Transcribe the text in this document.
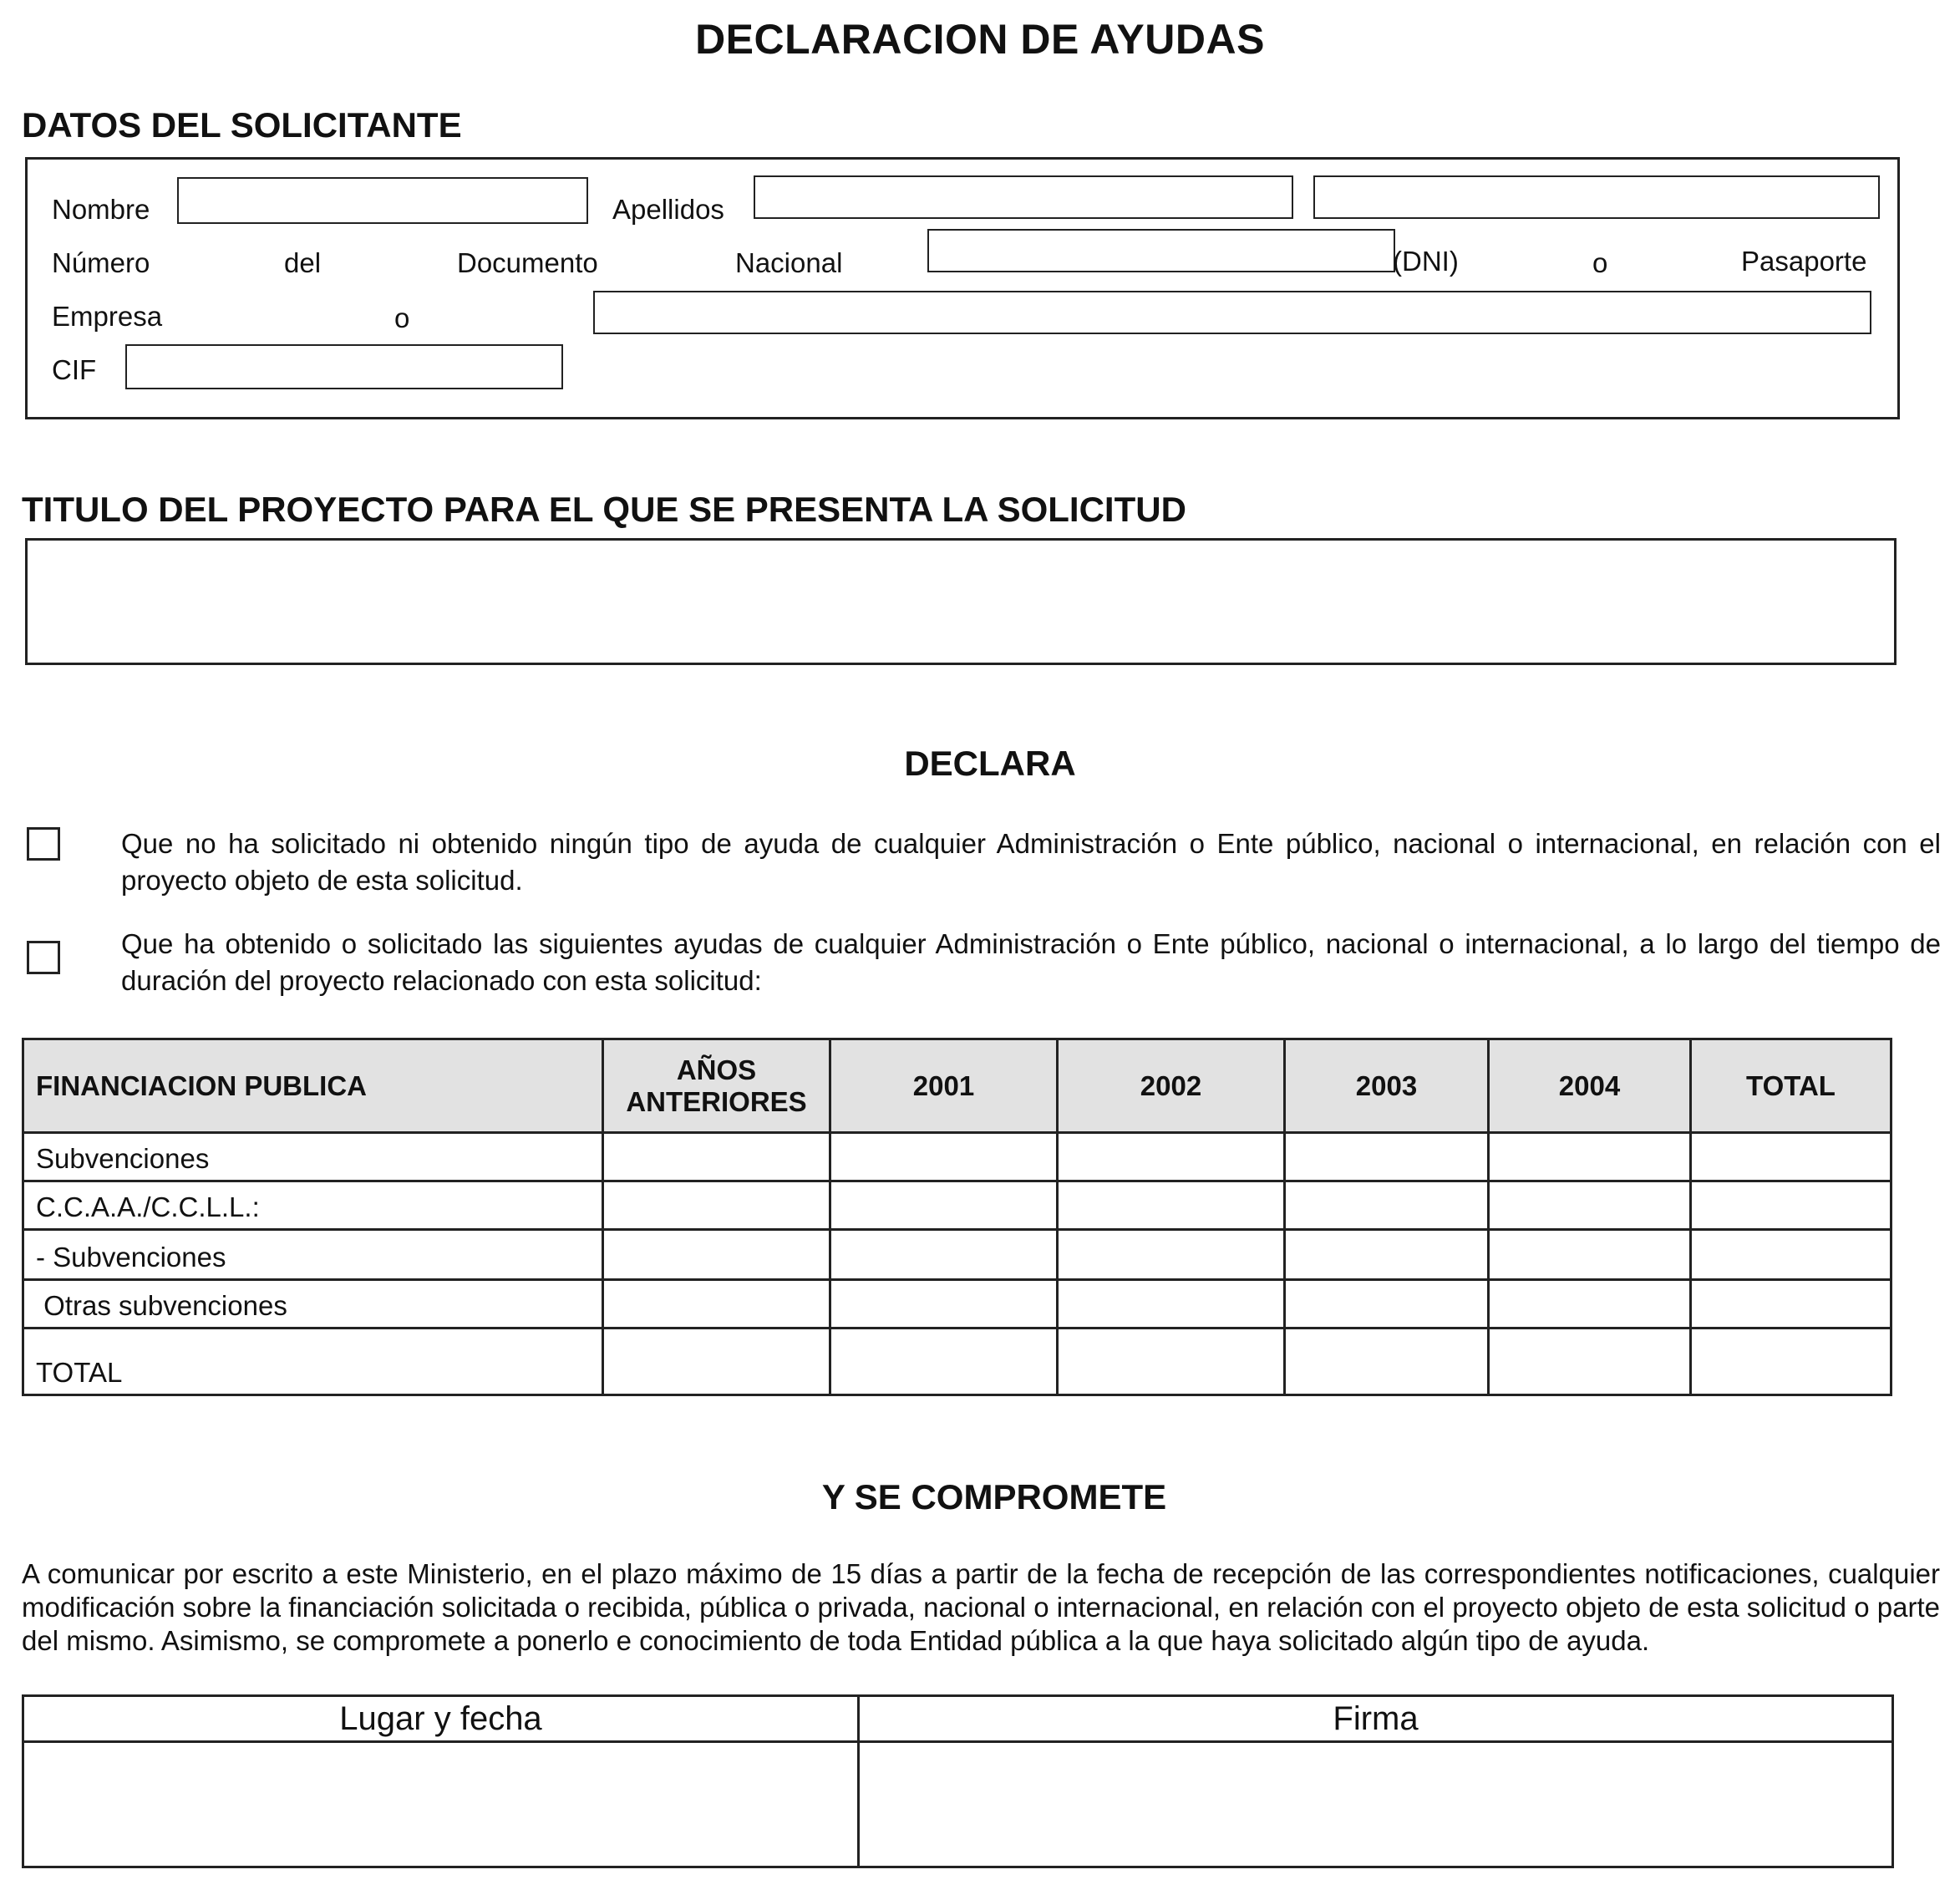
DECLARACION DE AYUDAS
DATOS DEL SOLICITANTE
Nombre	Apellidos
Número	del	Documento	Nacional	(DNI)	o	Pasaporte
Empresa	o
CIF
TITULO DEL PROYECTO PARA EL QUE SE PRESENTA LA SOLICITUD
DECLARA
Que no ha solicitado ni obtenido ningún tipo de ayuda de cualquier Administración o Ente público, nacional o internacional, en relación con el proyecto objeto de esta solicitud.
Que ha obtenido o solicitado las siguientes ayudas de cualquier Administración o Ente público, nacional o internacional, a lo largo del tiempo de duración del proyecto relacionado con esta solicitud:
FINANCIACION PUBLICA	AÑOS ANTERIORES	2001	2002	2003	2004	TOTAL
Subvenciones						
C.C.A.A./C.C.L.L.:						
- Subvenciones						
Otras subvenciones						
TOTAL						
Y SE COMPROMETE
A comunicar por escrito a este Ministerio, en el plazo máximo de 15 días a partir de la fecha de recepción de las correspondientes notificaciones, cualquier modificación sobre la financiación solicitada o recibida, pública o privada, nacional o internacional, en relación con el proyecto objeto de esta solicitud o parte del mismo. Asimismo, se compromete a ponerlo e conocimiento de toda Entidad pública a la que haya solicitado algún tipo de ayuda.
Lugar y fecha	Firma
